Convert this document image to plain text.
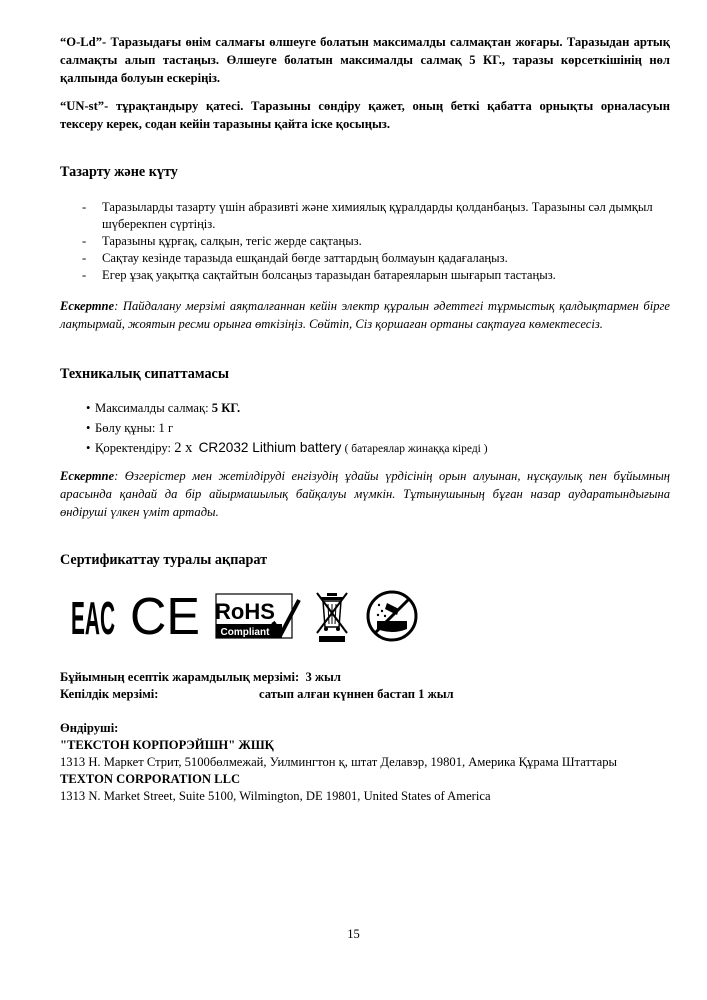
“O-Ld”- Таразыдағы өнім салмағы өлшеуге болатын максималды салмақтан жоғары. Таразыдан артық салмақты алып тастаңыз. Өлшеуге болатын максималды салмақ 5 КГ., таразы көрсеткішінің нөл қалпында болуын ескеріңіз.

“UN-st”- тұрақтандыру қатесі. Таразыны сөндіру қажет, оның беткі қабатта орнықты орналасуын тексеру керек, содан кейін таразыны қайта іске қосыңыз.

Тазарту және күту
- Таразыларды тазарту үшін абразивті және химиялық құралдарды қолданбаңыз. Таразыны сәл дымқыл шүберекпен сүртіңіз.
- Таразыны құрғақ, салқын, тегіс жерде сақтаңыз.
- Сақтау кезінде таразыда ешқандай бөгде заттардың болмауын қадағалаңыз.
- Егер ұзақ уақытқа сақтайтын болсаңыз таразыдан батареяларын шығарып тастаңыз.

Ескертпе: Пайдалану мерзімі аяқталғаннан кейін электр құралын әдеттегі тұрмыстық қалдықтармен бірге лақтырмай, жоятын ресми орынға өткізіңіз. Сөйтіп, Сіз қоршаған ортаны сақтауға көмектесесіз.

Техникалық сипаттамасы
• Максималды салмақ: 5 КГ.
• Бөлу құны: 1 г
• Қоректендіру: 2 x CR2032 Lithium battery ( батареялар жинаққа кіреді )

Ескертпе: Өзгерістер мен жетілдіруді енгізудің ұдайы үрдісінің орын алуынан, нұсқаулық пен бұйымның арасында қандай да бір айырмашылық байқалуы мүмкін. Тұтынушының бұған назар аударатындығына өндіруші үлкен үміт артады.

Сертификаттау туралы ақпарат
EAC CE RoHS
Compliant
Бұйымның есептік жарамдылық мерзімі: 3 жыл
Кепілдік мерзімі:	сатып алған күннен бастап 1 жыл
Өндіруші:
"ТЕКСТОН КОРПОРЭЙШН" ЖШҚ
1313 Н. Маркет Стрит, 5100бөлмежай, Уилмингтон қ, штат Делавэр, 19801, Америка Құрама Штаттары
TEXTON CORPORATION LLC
1313 N. Market Street, Suite 5100, Wilmington, DE 19801, United States of America
15
